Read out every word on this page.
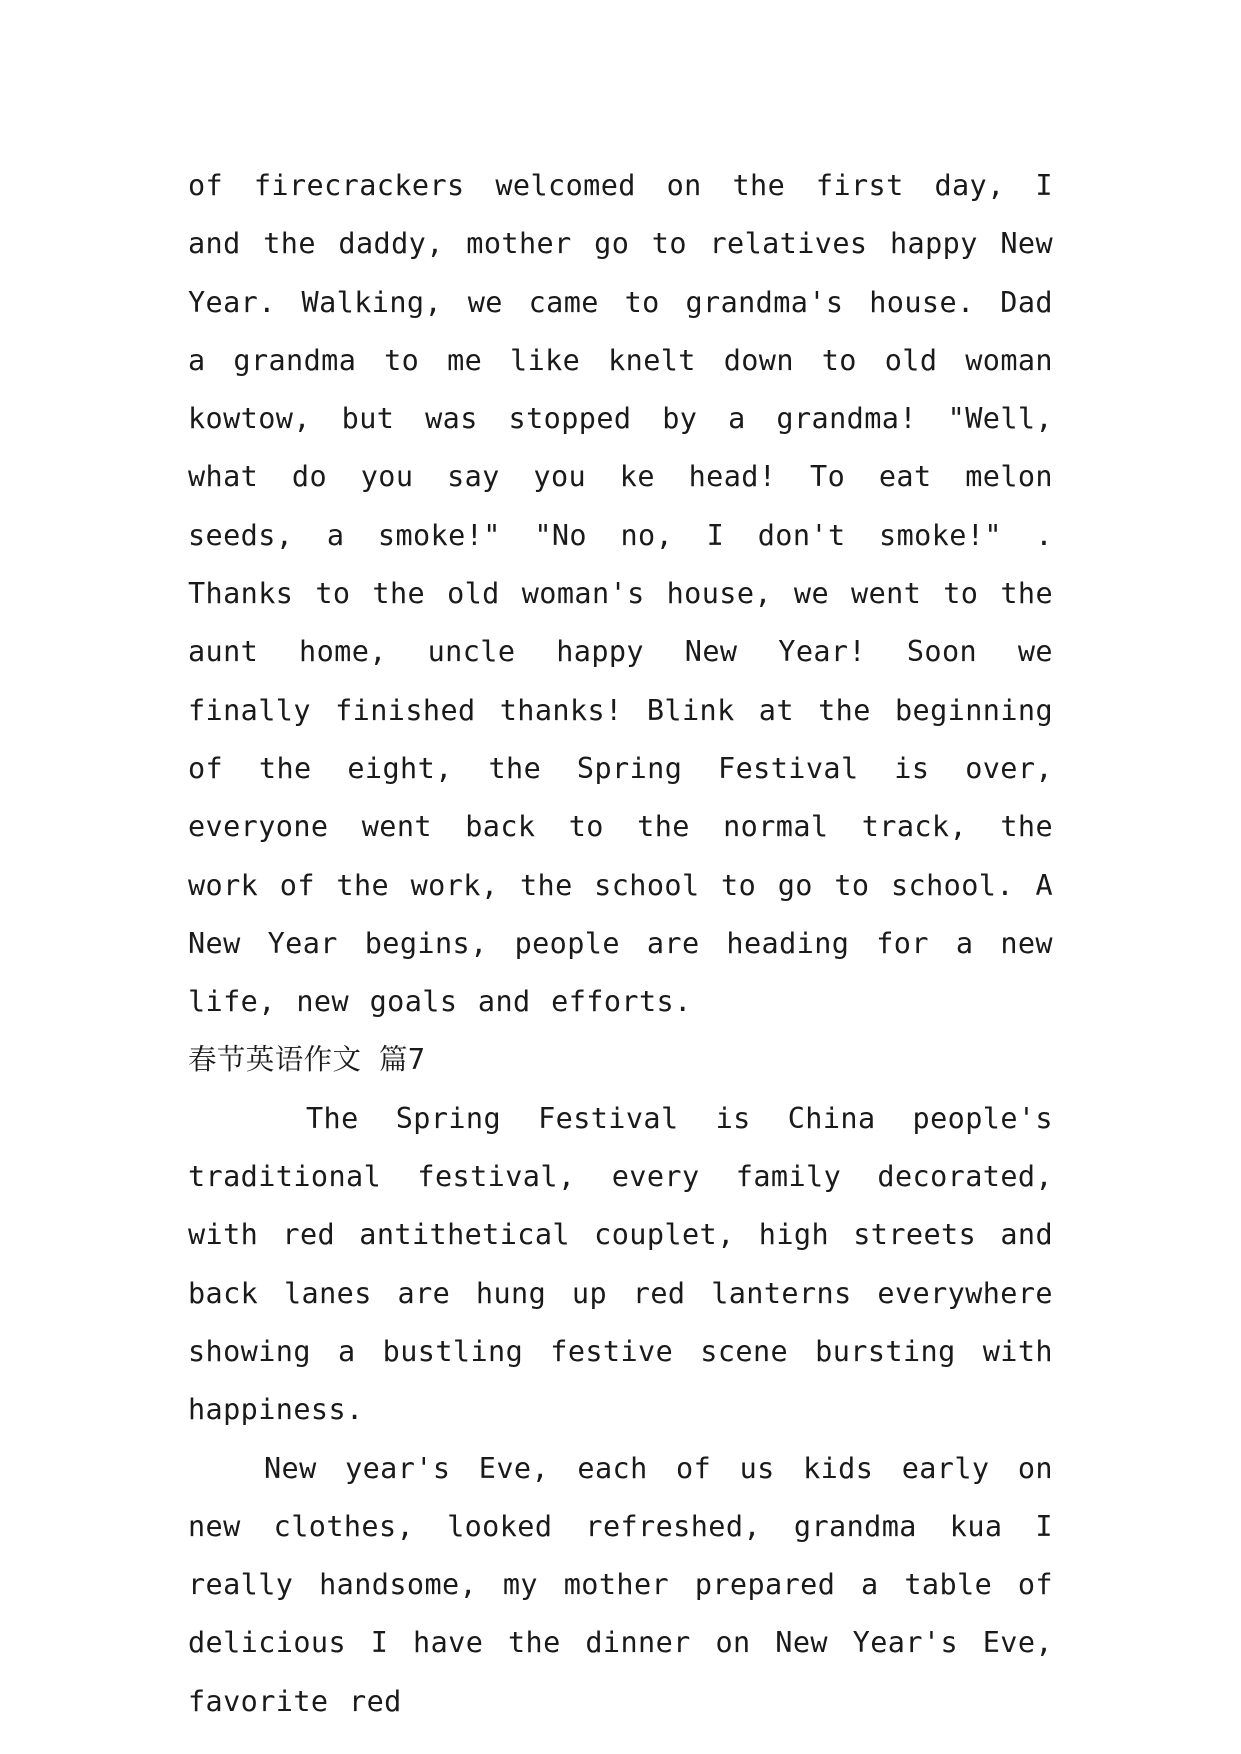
of firecrackers welcomed on the first day, I and the daddy, mother go to relatives happy New Year. Walking, we came to grandma's house. Dad a grandma to me like knelt down to old woman kowtow, but was stopped by a grandma! "Well, what do you say you ke head! To eat melon seeds, a smoke!" "No no, I don't smoke!" . Thanks to the old woman's house, we went to the aunt home, uncle happy New Year! Soon we finally finished thanks! Blink at the beginning of the eight, the Spring Festival is over, everyone went back to the normal track, the work of the work, the school to go to school. A New Year begins, people are heading for a new life, new goals and efforts.

春节英语作文 篇7

The Spring Festival is China people's traditional festival, every family decorated, with red antithetical couplet, high streets and back lanes are hung up red lanterns everywhere showing a bustling festive scene bursting with happiness.

New year's Eve, each of us kids early on new clothes, looked refreshed, grandma kua I really handsome, my mother prepared a table of delicious I have the dinner on New Year's Eve, favorite red
